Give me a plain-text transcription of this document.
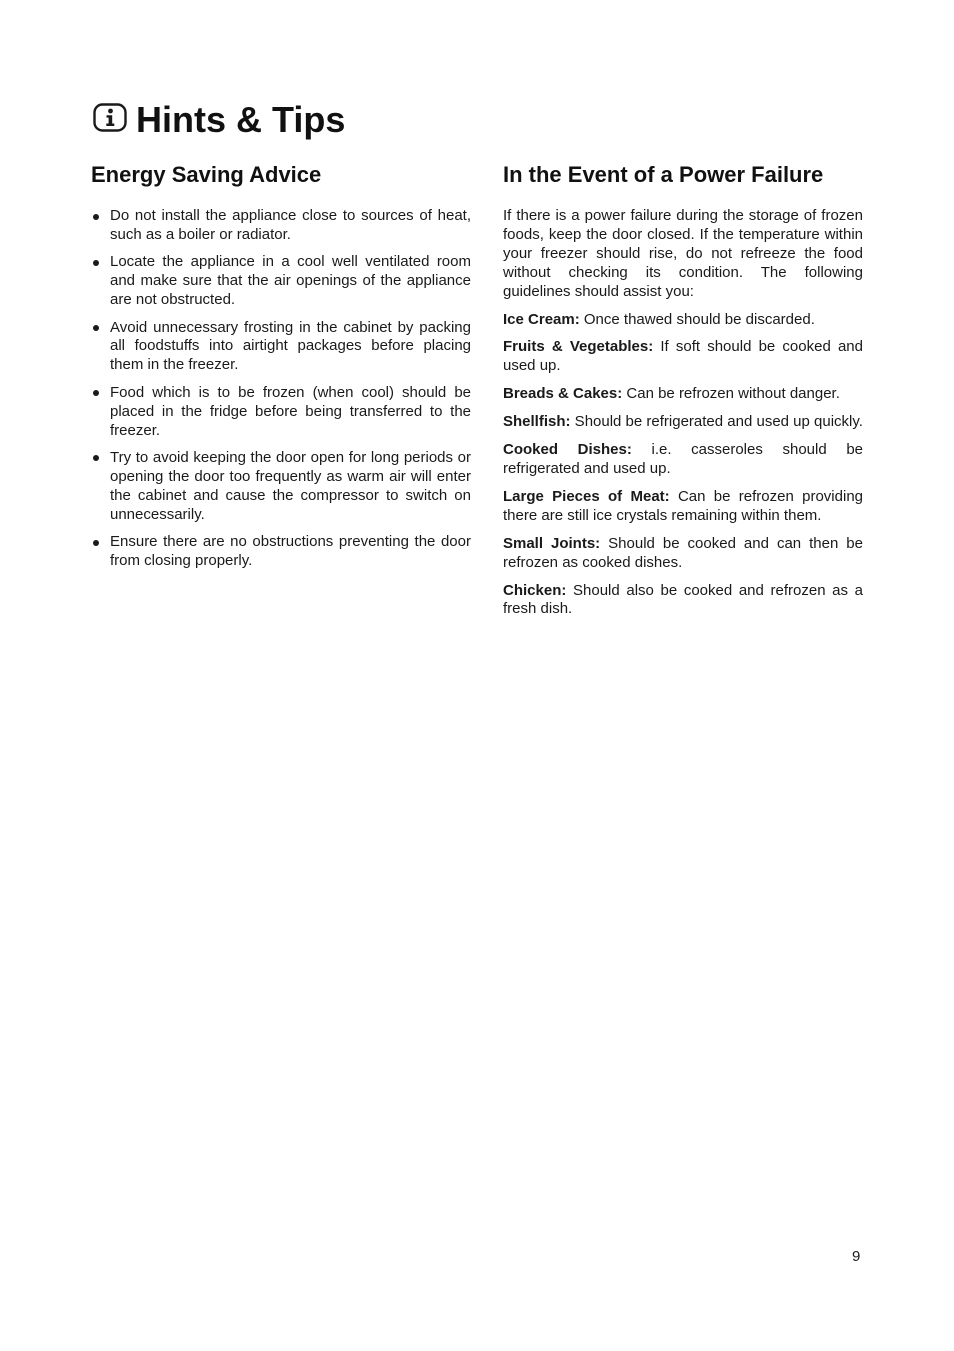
Hints & Tips
Energy Saving Advice
Do not install the appliance close to sources of heat, such as a boiler or radiator.
Locate the appliance in a cool well ventilated room and make sure that the air openings of the appliance are not obstructed.
Avoid unnecessary frosting in the cabinet by packing all foodstuffs into airtight packages before placing them in the freezer.
Food which is to be frozen (when cool) should be placed in the fridge before being transferred to the freezer.
Try to avoid keeping the door open for long periods or opening the door too frequently as warm air will enter the cabinet and cause the compressor to switch on unnecessarily.
Ensure there are no obstructions preventing the door from closing properly.
In the Event of a Power Failure

If there is a power failure during the storage of frozen foods, keep the door closed. If the temperature within your freezer should rise, do not refreeze the food without checking its condition. The following guidelines should assist you:

Ice Cream: Once thawed should be discarded.

Fruits & Vegetables: If soft should be cooked and used up.

Breads & Cakes: Can be refrozen without danger.

Shellfish: Should be refrigerated and used up quickly.

Cooked Dishes: i.e. casseroles should be refrigerated and used up.

Large Pieces of Meat: Can be refrozen providing there are still ice crystals remaining within them.

Small Joints: Should be cooked and can then be refrozen as cooked dishes.

Chicken: Should also be cooked and refrozen as a fresh dish.

9
